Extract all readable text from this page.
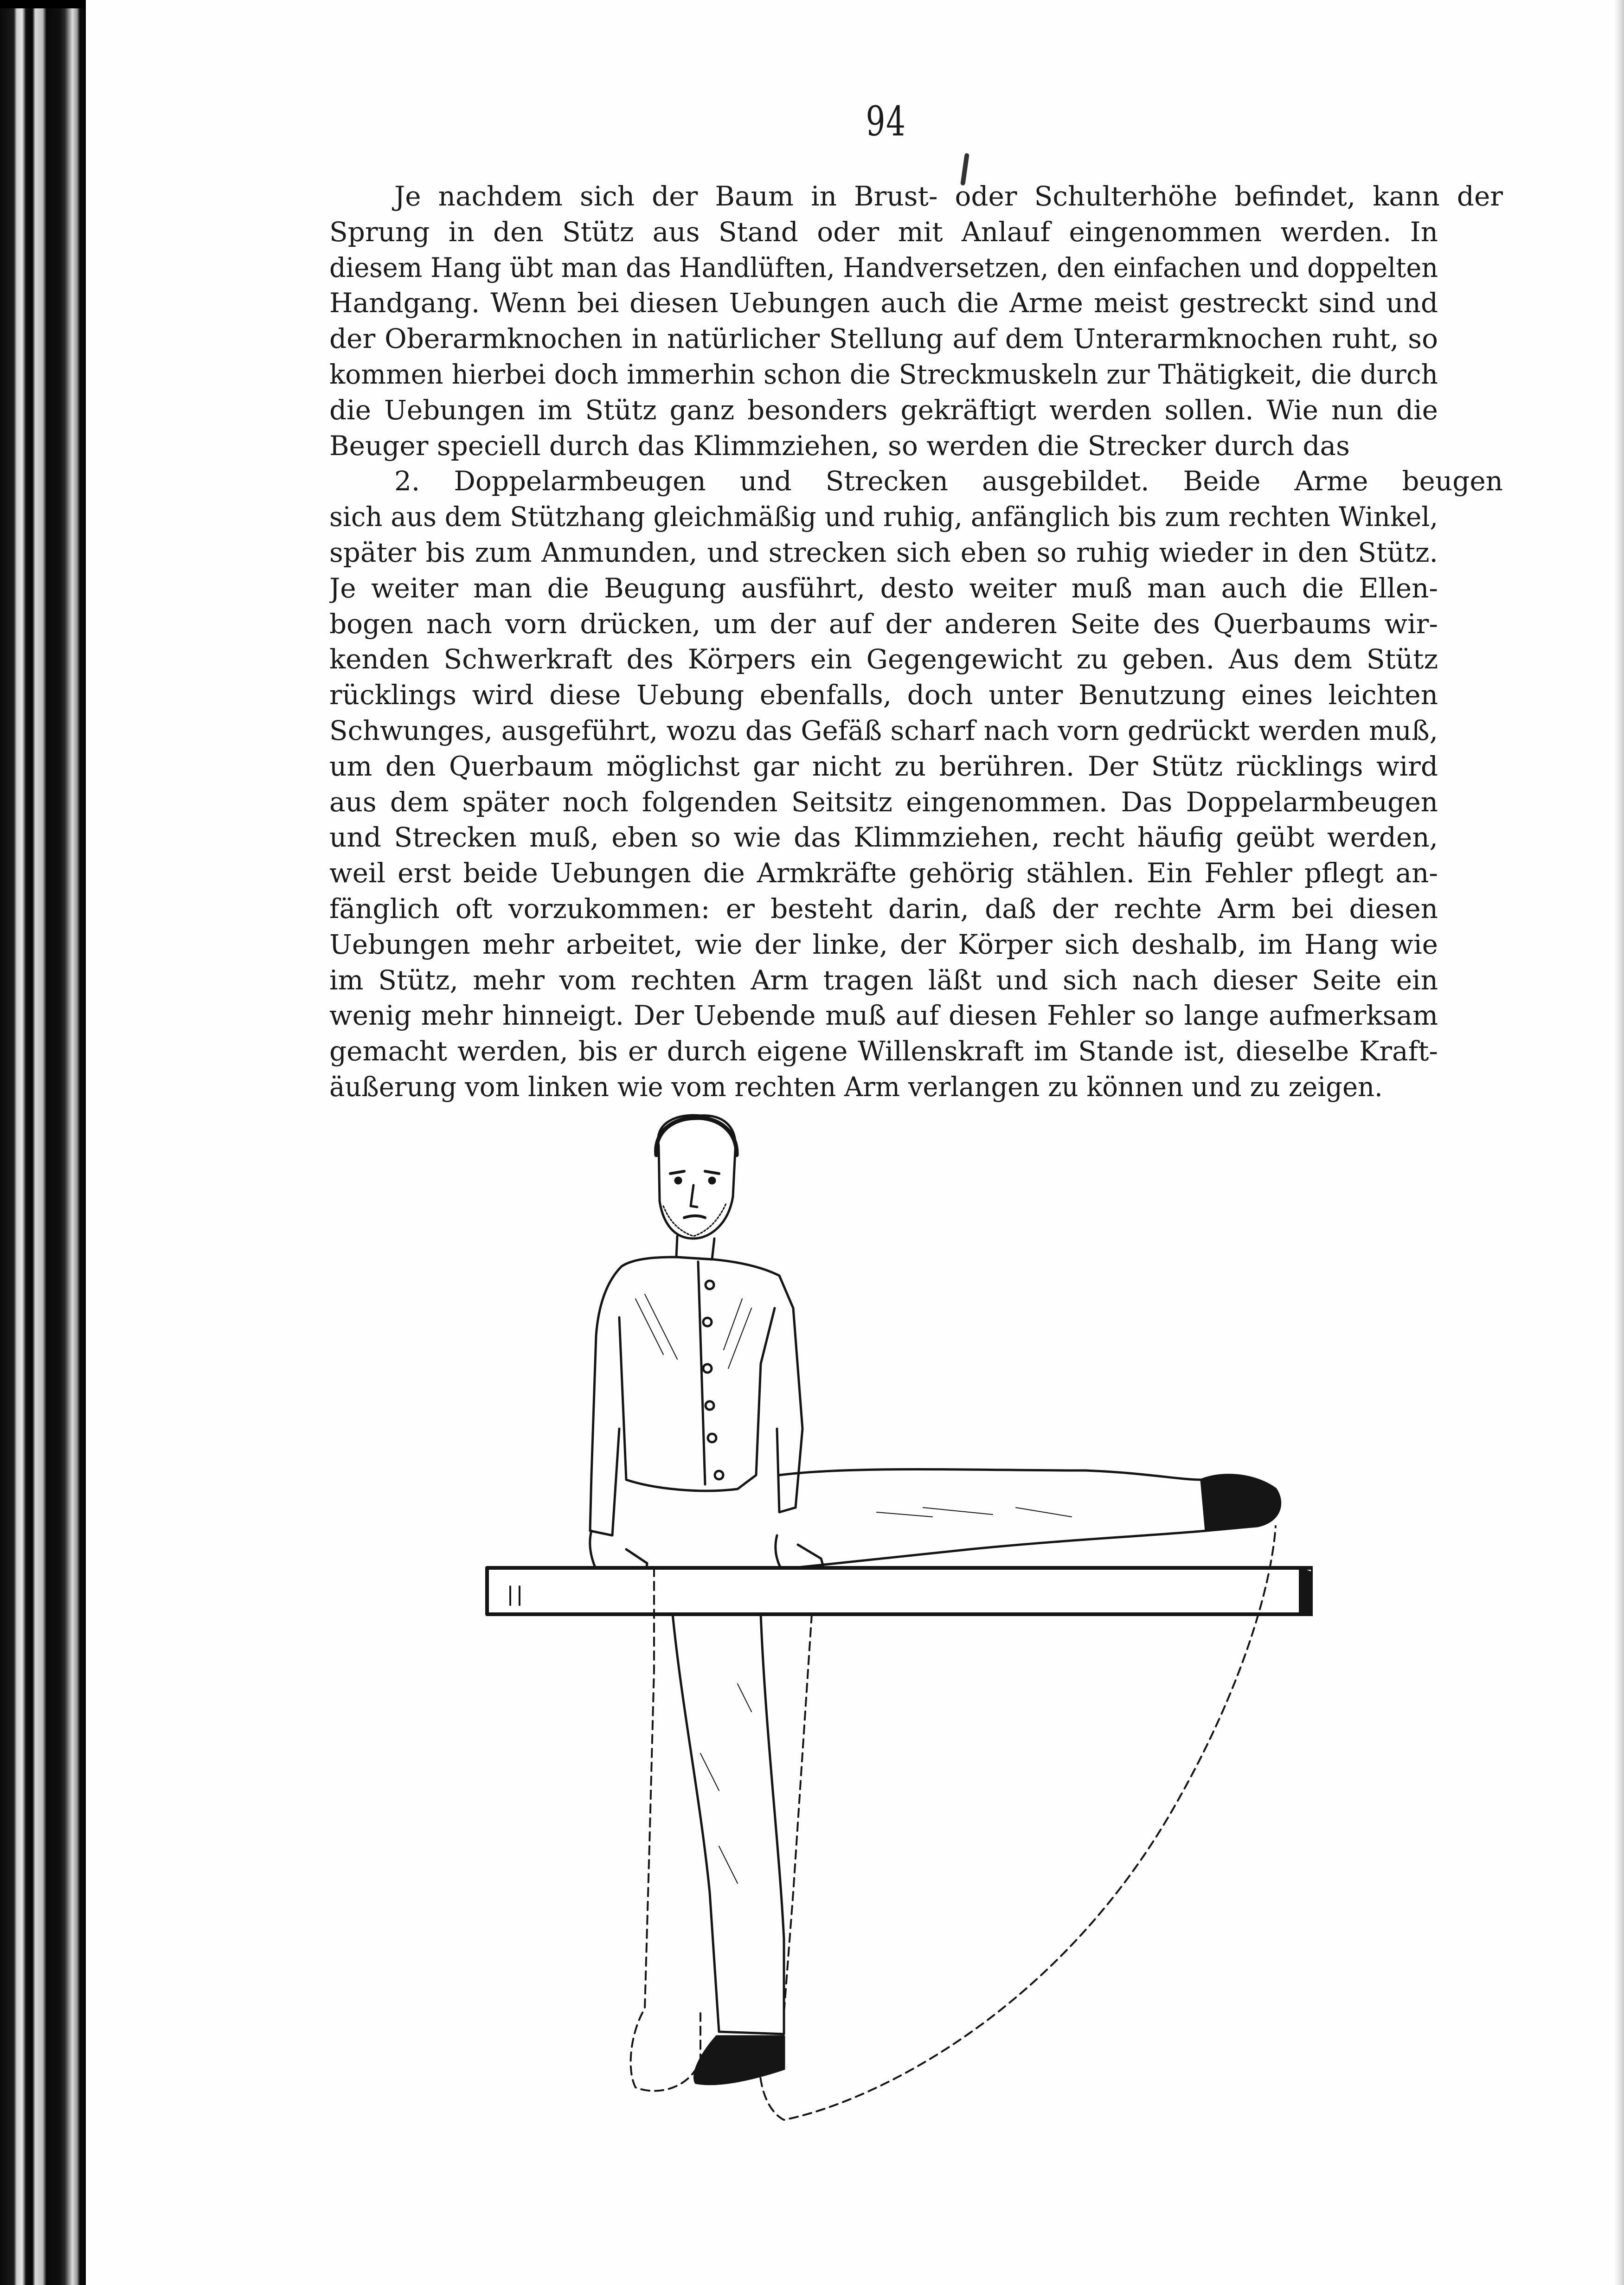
94
Je nachdem sich der Baum in Brust- oder Schulterhöhe befindet, kann der
Sprung in den Stütz aus Stand oder mit Anlauf eingenommen werden. In
diesem Hang übt man das Handlüften, Handversetzen, den einfachen und doppelten
Handgang. Wenn bei diesen Uebungen auch die Arme meist gestreckt sind und
der Oberarmknochen in natürlicher Stellung auf dem Unterarmknochen ruht, so
kommen hierbei doch immerhin schon die Streckmuskeln zur Thätigkeit, die durch
die Uebungen im Stütz ganz besonders gekräftigt werden sollen. Wie nun die
Beuger speciell durch das Klimmziehen, so werden die Strecker durch das
2. Doppelarmbeugen und Strecken ausgebildet. Beide Arme beugen
sich aus dem Stützhang gleichmäßig und ruhig, anfänglich bis zum rechten Winkel,
später bis zum Anmunden, und strecken sich eben so ruhig wieder in den Stütz.
Je weiter man die Beugung ausführt, desto weiter muß man auch die Ellen-
bogen nach vorn drücken, um der auf der anderen Seite des Querbaums wir-
kenden Schwerkraft des Körpers ein Gegengewicht zu geben. Aus dem Stütz
rücklings wird diese Uebung ebenfalls, doch unter Benutzung eines leichten
Schwunges, ausgeführt, wozu das Gefäß scharf nach vorn gedrückt werden muß,
um den Querbaum möglichst gar nicht zu berühren. Der Stütz rücklings wird
aus dem später noch folgenden Seitsitz eingenommen. Das Doppelarmbeugen
und Strecken muß, eben so wie das Klimmziehen, recht häufig geübt werden,
weil erst beide Uebungen die Armkräfte gehörig stählen. Ein Fehler pflegt an-
fänglich oft vorzukommen: er besteht darin, daß der rechte Arm bei diesen
Uebungen mehr arbeitet, wie der linke, der Körper sich deshalb, im Hang wie
im Stütz, mehr vom rechten Arm tragen läßt und sich nach dieser Seite ein
wenig mehr hinneigt. Der Uebende muß auf diesen Fehler so lange aufmerksam
gemacht werden, bis er durch eigene Willenskraft im Stande ist, dieselbe Kraft-
äußerung vom linken wie vom rechten Arm verlangen zu können und zu zeigen.
